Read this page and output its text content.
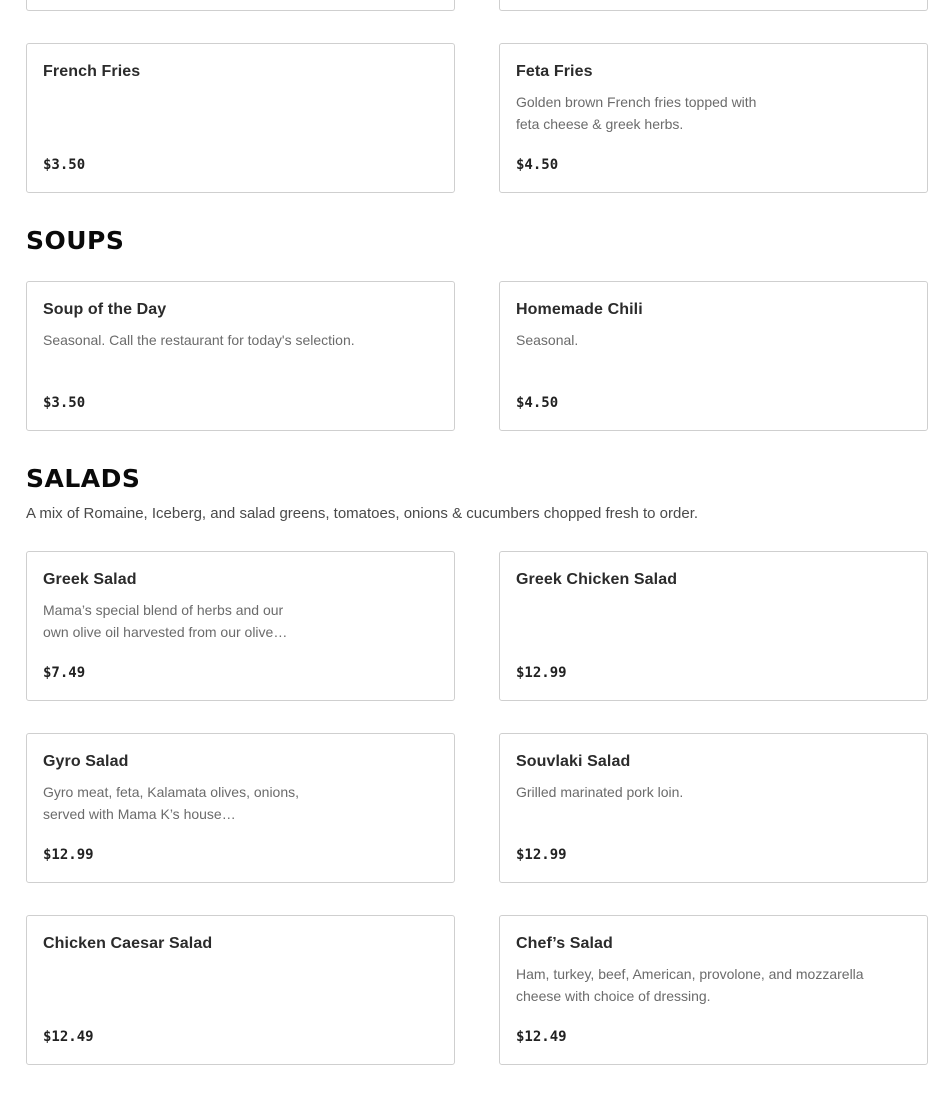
French Fries
$3.50
Feta Fries
Golden brown French fries topped with feta cheese & greek herbs.
$4.50
SOUPS
Soup of the Day
Seasonal. Call the restaurant for today's selection.
$3.50
Homemade Chili
Seasonal.
$4.50
SALADS
A mix of Romaine, Iceberg, and salad greens, tomatoes, onions & cucumbers chopped fresh to order.
Greek Salad
Mama’s special blend of herbs and our own olive oil harvested from our olive…
$7.49
Greek Chicken Salad
$12.99
Gyro Salad
Gyro meat, feta, Kalamata olives, onions, served with Mama K’s house…
$12.99
Souvlaki Salad
Grilled marinated pork loin.
$12.99
Chicken Caesar Salad
$12.49
Chef’s Salad
Ham, turkey, beef, American, provolone, and mozzarella cheese with choice of dressing.
$12.49
